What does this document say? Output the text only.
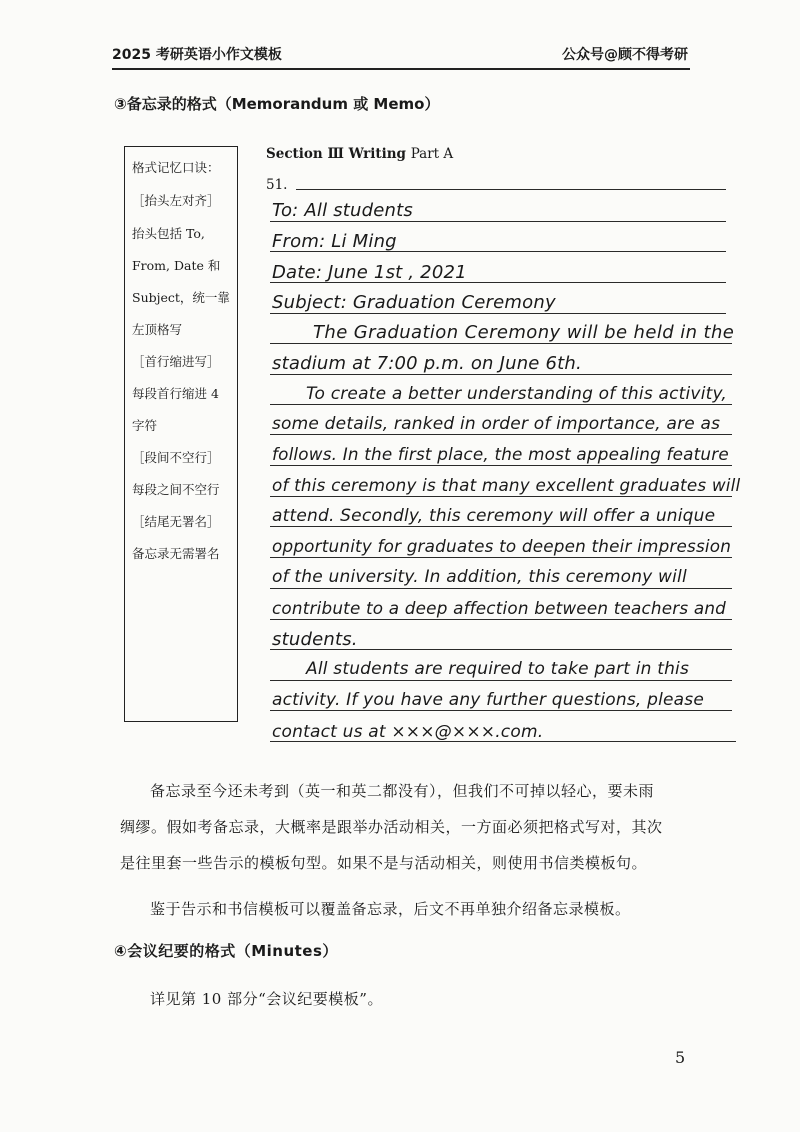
2025 考研英语小作文模板	公众号@顾不得考研
③备忘录的格式（Memorandum 或 Memo）
格式记忆口诀：
［抬头左对齐］
抬头包括 To,
From, Date 和
Subject，统一靠
左顶格写
［首行缩进写］
每段首行缩进 4
字符
［段间不空行］
每段之间不空行
［结尾无署名］
备忘录无需署名
Section Ⅲ Writing Part A
51.
To: All students
From: Li Ming
Date: June 1st , 2021
Subject: Graduation Ceremony
The Graduation Ceremony will be held in the
stadium at 7:00 p.m. on June 6th.
To create a better understanding of this activity,
some details, ranked in order of importance, are as
follows. In the first place, the most appealing feature
of this ceremony is that many excellent graduates will
attend. Secondly, this ceremony will offer a unique
opportunity for graduates to deepen their impression
of the university. In addition, this ceremony will
contribute to a deep affection between teachers and
students.
All students are required to take part in this
activity. If you have any further questions, please
contact us at ×××@×××.com.
备忘录至今还未考到（英一和英二都没有），但我们不可掉以轻心，要未雨
绸缪。假如考备忘录，大概率是跟举办活动相关，一方面必须把格式写对，其次
是往里套一些告示的模板句型。如果不是与活动相关，则使用书信类模板句。
鉴于告示和书信模板可以覆盖备忘录，后文不再单独介绍备忘录模板。
④会议纪要的格式（Minutes）
详见第 10 部分“会议纪要模板”。
5
